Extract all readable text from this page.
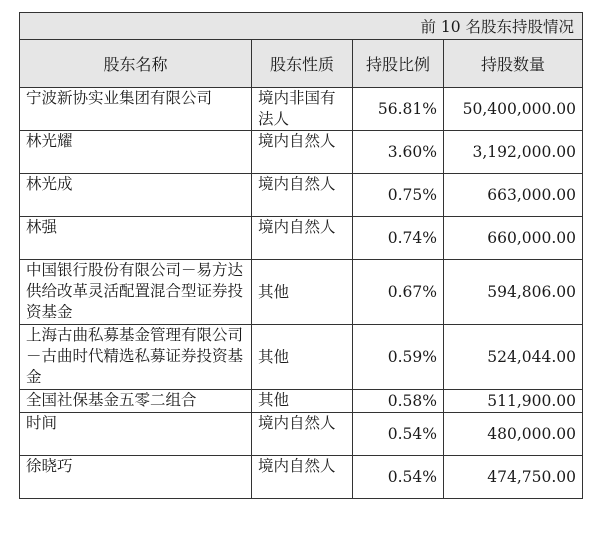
前 10 名股东持股情况			
股东名称	股东性质	持股比例	持股数量
宁波新协实业集团有限公司	境内非国有法人	56.81%	50,400,000.00
林光耀	境内自然人	3.60%	3,192,000.00
林光成	境内自然人	0.75%	663,000.00
林强	境内自然人	0.74%	660,000.00
中国银行股份有限公司－易方达供给改革灵活配置混合型证券投资基金	其他	0.67%	594,806.00
上海古曲私募基金管理有限公司－古曲时代精选私募证券投资基金	其他	0.59%	524,044.00
全国社保基金五零二组合	其他	0.58%	511,900.00
时间	境内自然人	0.54%	480,000.00
徐晓巧	境内自然人	0.54%	474,750.00
